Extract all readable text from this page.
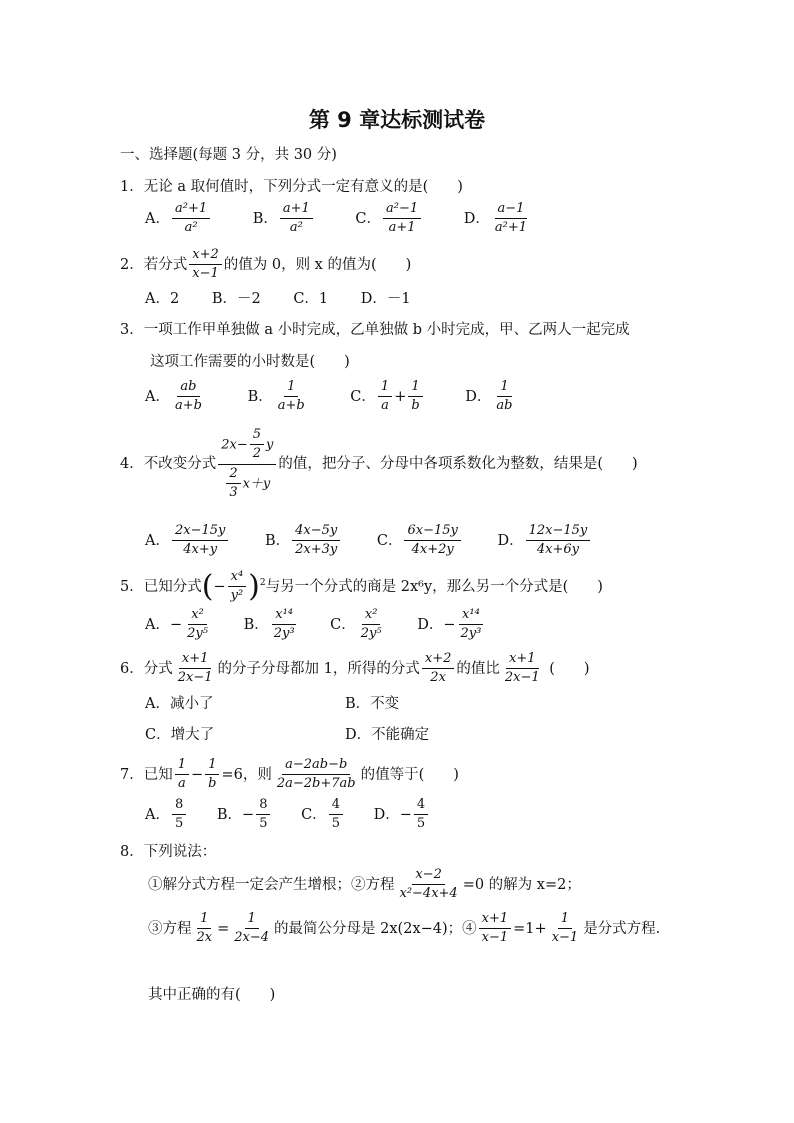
第 9 章达标测试卷
一、选择题(每题 3 分，共 30 分)
1．无论 a 取何值时，下列分式一定有意义的是(　　)
A． $\frac{\text{a²+1}}{\text{a²}}$	B． $\frac{a+1}{\text{a²}}$	C． $\frac{\text{a²−1}}{a+1}$	D． $\frac{a-1}{\text{a²+1}}$
2．若分式 $\frac{x+2}{x-1}$ 的值为 0，则 x 的值为(　　)
A．2 B．－2 C．1 D．－1
3．一项工作甲单独做 a 小时完成，乙单独做 b 小时完成，甲、乙两人一起完成
这项工作需要的小时数是(　　)
A． $\frac{ab}{a+b}$	B． $\frac{1}{a+b}$	C． $\frac{1}{a} + \frac{1}{b}$	D． $\frac{1}{ab}$
4．不改变分式 $\frac{2x- \frac{5}{2} y}{\frac{2}{3} x+y}$ 的值，把分子、分母中各项系数化为整数，结果是(　　)
A． $\frac{2x-15y}{4x+y}$	B． $\frac{4x-5y}{2x+3y}$	C． $\frac{6x-15y}{4x+2y}$	D． $\frac{12x-15y}{4x+6y}$
5．已知分式(− $\frac{\text{x⁴}}{\text{y²}} )^2$与另一个分式的商是 2x⁶y，那么另一个分式是(　　)
A．− $\frac{\text{x²}}{\text{2y⁵}}$ B． $\frac{\text{x¹⁴}}{\text{2y³}}$ C． $\frac{\text{x²}}{\text{2y⁵}}$ D．− $\frac{\text{x¹⁴}}{\text{2y³}}$
6．分式 $\frac{x+1}{2x-1}$ 的分子分母都加 1，所得的分式 $\frac{x+2}{2x}$ 的值比 $\frac{x+1}{2x-1}$ (　　)
A．减小了	B．不变
C．增大了	D．不能确定
7．已知 $\frac{1}{a} - \frac{1}{b} =6$，则 $\frac{a-2ab-b}{2a-2b+7ab}$ 的值等于(　　)
A． $\frac{8}{5}$ B．− $\frac{8}{5}$ C． $\frac{4}{5}$ D．− $\frac{4}{5}$
8．下列说法：
①解分式方程一定会产生增根；②方程 $\frac{x-2}{\text{x²−4x+4}} =0$ 的解为 x=2；
③方程 $\frac{1}{2x} = \frac{1}{2x-4}$ 的最简公分母是 2x(2x−4)；④ $\frac{x+1}{x-1} =1+ \frac{1}{x-1}$ 是分式方程.
其中正确的有(　　)
